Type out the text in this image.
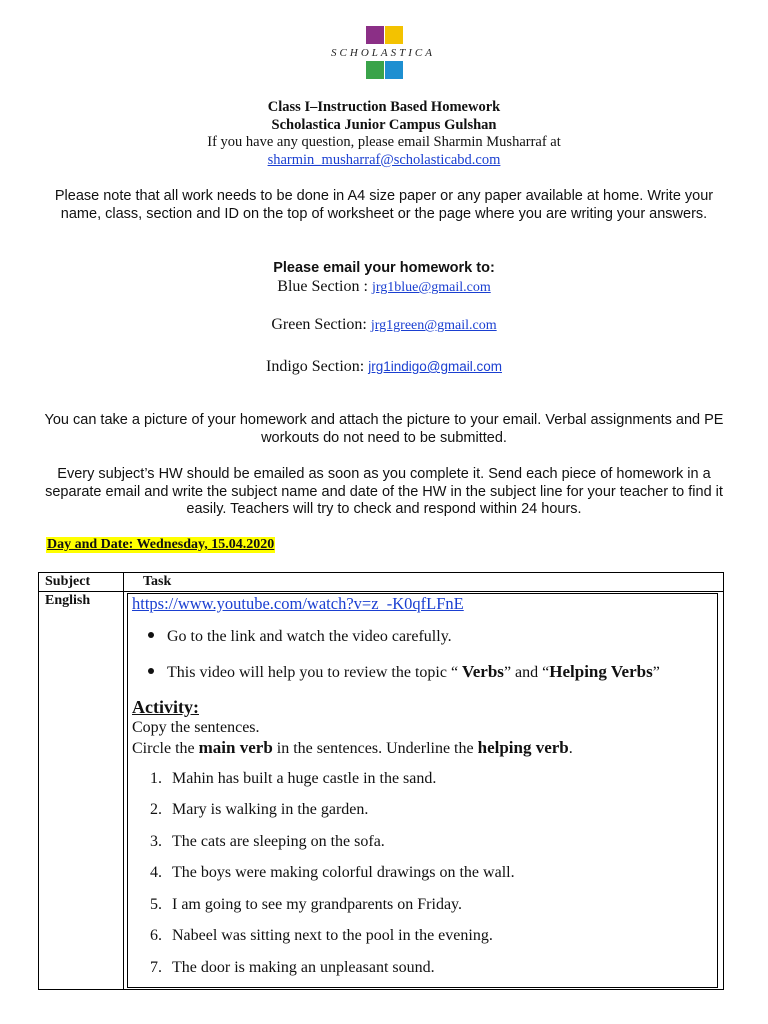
SCHOLASTICA
Class I–Instruction Based Homework
Scholastica Junior Campus Gulshan
If you have any question, please email Sharmin Musharraf at
sharmin_musharraf@scholasticabd.com
Please note that all work needs to be done in A4 size paper or any paper available at home. Write your name, class, section and ID on the top of worksheet or the page where you are writing your answers.
Please email your homework to:
Blue Section : jrg1blue@gmail.com
Green Section: jrg1green@gmail.com
Indigo Section: jrg1indigo@gmail.com
You can take a picture of your homework and attach the picture to your email. Verbal assignments and PE workouts do not need to be submitted.
Every subject’s HW should be emailed as soon as you complete it. Send each piece of homework in a separate email and write the subject name and date of the HW in the subject line for your teacher to find it easily. Teachers will try to check and respond within 24 hours.
Day and Date: Wednesday, 15.04.2020
Subject	Task
English	https://www.youtube.com/watch?v=z_-K0qfLFnE
Go to the link and watch the video carefully.
This video will help you to review the topic “ Verbs” and “Helping Verbs”
Activity:
Copy the sentences.
Circle the main verb in the sentences. Underline the helping verb.
1. Mahin has built a huge castle in the sand.
2. Mary is walking in the garden.
3. The cats are sleeping on the sofa.
4. The boys were making colorful drawings on the wall.
5. I am going to see my grandparents on Friday.
6. Nabeel was sitting next to the pool in the evening.
7. The door is making an unpleasant sound.
